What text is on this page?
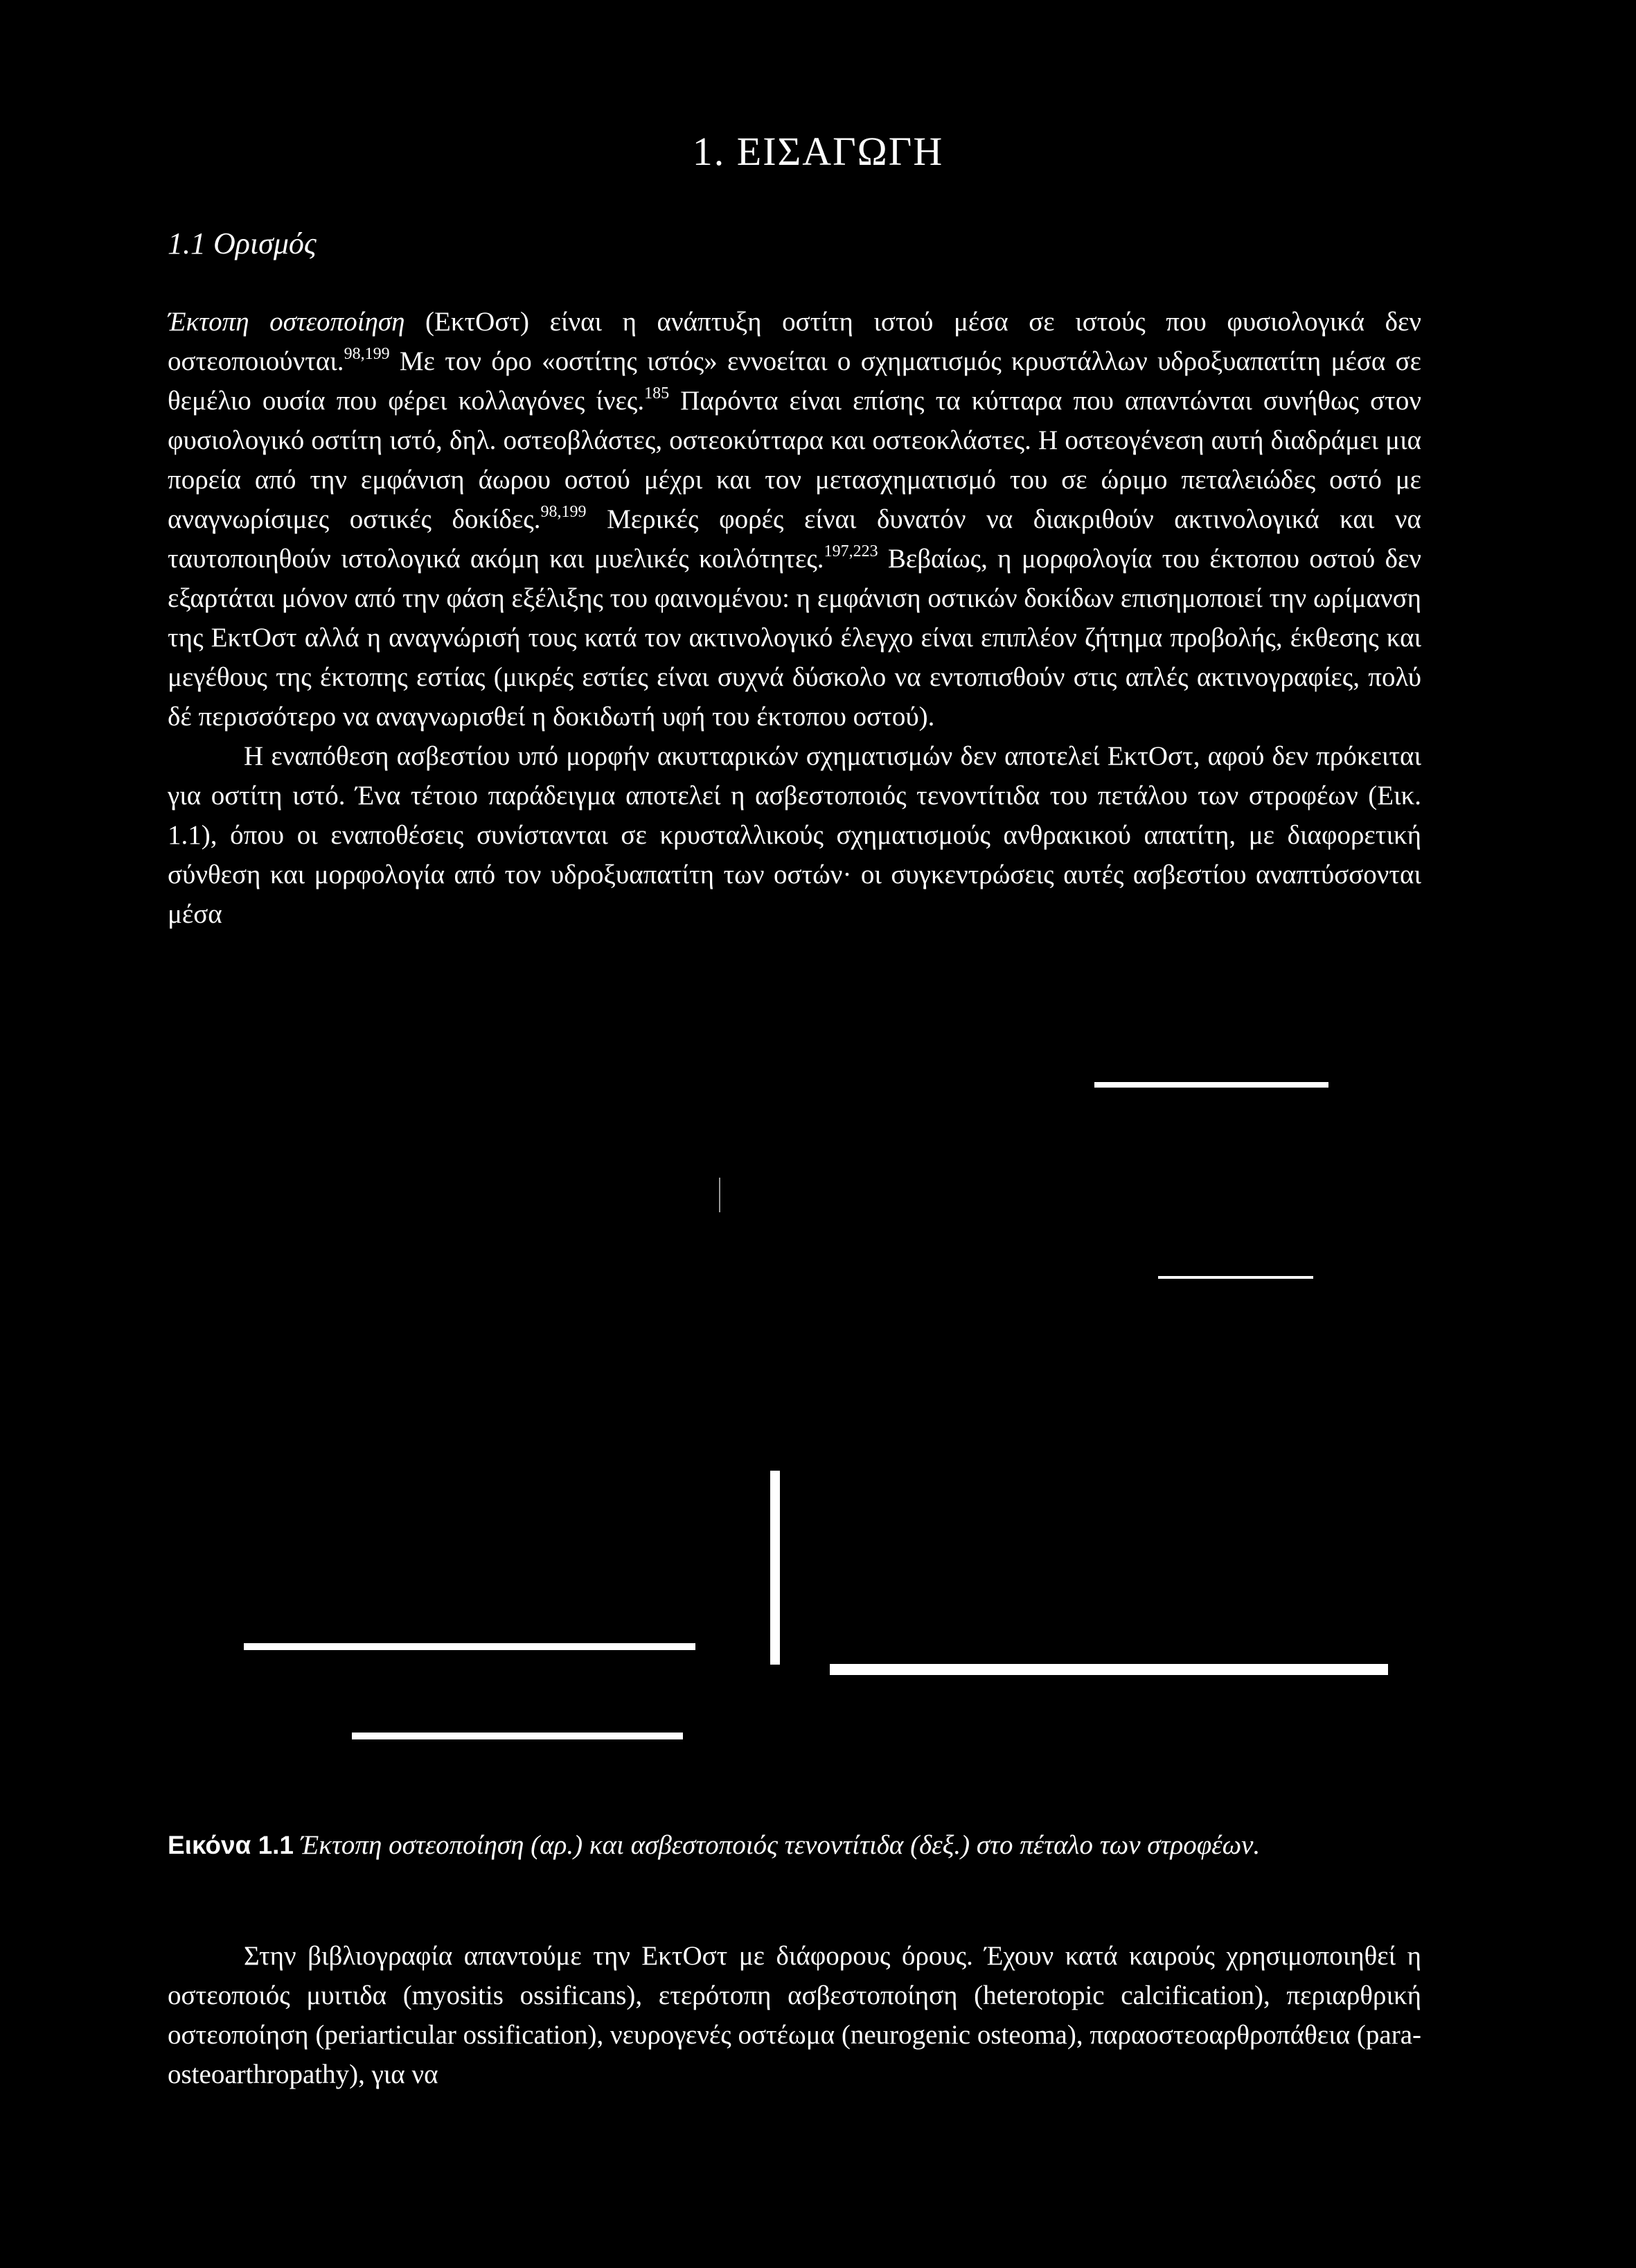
1. ΕΙΣΑΓΩΓΗ
1.1 Ορισμός

Έκτοπη οστεοποίηση (ΕκτΟστ) είναι η ανάπτυξη οστίτη ιστού μέσα σε ιστούς που φυσιολογικά δεν οστεοποιούνται.$^{98,199}$ Με τον όρο «οστίτης ιστός» εννοείται ο σχηματισμός κρυστάλλων υδροξυαπατίτη μέσα σε θεμέλιο ουσία που φέρει κολλαγόνες ίνες.$^{185}$ Παρόντα είναι επίσης τα κύτταρα που απαντώνται συνήθως στον φυσιολογικό οστίτη ιστό, δηλ. οστεοβλάστες, οστεοκύτταρα και οστεοκλάστες. Η οστεογένεση αυτή διαδράμει μια πορεία από την εμφάνιση άωρου οστού μέχρι και τον μετασχηματισμό του σε ώριμο πεταλειώδες οστό με αναγνωρίσιμες οστικές δοκίδες.$^{98,199}$ Μερικές φορές είναι δυνατόν να διακριθούν ακτινολογικά και να ταυτοποιηθούν ιστολογικά ακόμη και μυελικές κοιλότητες.$^{197,223}$ Βεβαίως, η μορφολογία του έκτοπου οστού δεν εξαρτάται μόνον από την φάση εξέλιξης του φαινομένου: η εμφάνιση οστικών δοκίδων επισημοποιεί την ωρίμανση της ΕκτΟστ αλλά η αναγνώρισή τους κατά τον ακτινολογικό έλεγχο είναι επιπλέον ζήτημα προβολής, έκθεσης και μεγέθους της έκτοπης εστίας (μικρές εστίες είναι συχνά δύσκολο να εντοπισθούν στις απλές ακτινογραφίες, πολύ δέ περισσότερο να αναγνωρισθεί η δοκιδωτή υφή του έκτοπου οστού).

Η εναπόθεση ασβεστίου υπό μορφήν ακυτταρικών σχηματισμών δεν αποτελεί ΕκτΟστ, αφού δεν πρόκειται για οστίτη ιστό. Ένα τέτοιο παράδειγμα αποτελεί η ασβεστοποιός τενοντίτιδα του πετάλου των στροφέων (Εικ. 1.1), όπου οι εναποθέσεις συνίστανται σε κρυσταλλικούς σχηματισμούς ανθρακικού απατίτη, με διαφορετική σύνθεση και μορφολογία από τον υδροξυαπατίτη των οστών· οι συγκεντρώσεις αυτές ασβεστίου αναπτύσσονται μέσα

Εικόνα 1.1 Έκτοπη οστεοποίηση (αρ.) και ασβεστοποιός τενοντίτιδα (δεξ.) στο πέταλο των στροφέων.

Στην βιβλιογραφία απαντούμε την ΕκτΟστ με διάφορους όρους. Έχουν κατά καιρούς χρησιμοποιηθεί η οστεοποιός μυιτιδα (myositis ossificans), ετερότοπη ασβεστοποίηση (heterotopic calcification), περιαρθρική οστεοποίηση (periarticular ossification), νευρογενές οστέωμα (neurogenic osteoma), παραοστεοαρθροπάθεια (para-osteoarthropathy), για να
